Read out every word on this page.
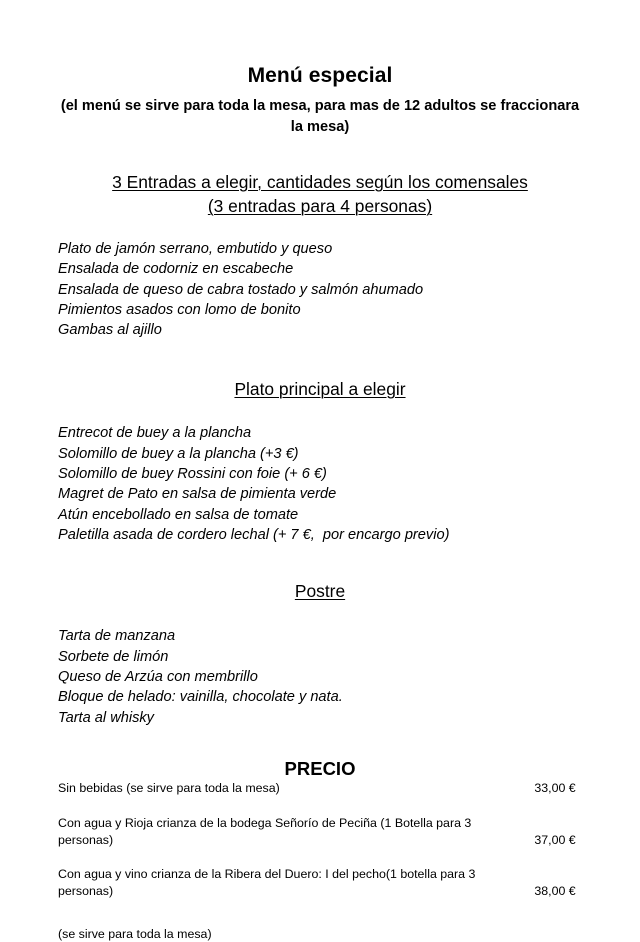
Menú especial

(el menú se sirve para toda la mesa, para mas de 12 adultos se fraccionara la mesa)

3 Entradas a elegir, cantidades según los comensales
(3 entradas para 4 personas)
Plato de jamón serrano, embutido y queso
Ensalada de codorniz en escabeche
Ensalada de queso de cabra tostado y salmón ahumado
Pimientos asados con lomo de bonito
Gambas al ajillo
Plato principal a elegir
Entrecot de buey a la plancha
Solomillo de buey a la plancha (+3 €)
Solomillo de buey Rossini con foie (+ 6 €)
Magret de Pato en salsa de pimienta verde
Atún encebollado en salsa de tomate
Paletilla asada de cordero lechal (+ 7 €,  por encargo previo)
Postre
Tarta de manzana
Sorbete de limón
Queso de Arzúa con membrillo
Bloque de helado: vainilla, chocolate y nata.
Tarta al whisky
PRECIO
Sin bebidas (se sirve para toda la mesa)	33,00 €

Con agua y Rioja crianza de la bodega Señorío de Peciña (1 Botella para 3 personas)	37,00 €

Con agua y vino crianza de la Ribera del Duero: I del pecho(1 botella para 3 personas)	38,00 €

(se sirve para toda la mesa)
